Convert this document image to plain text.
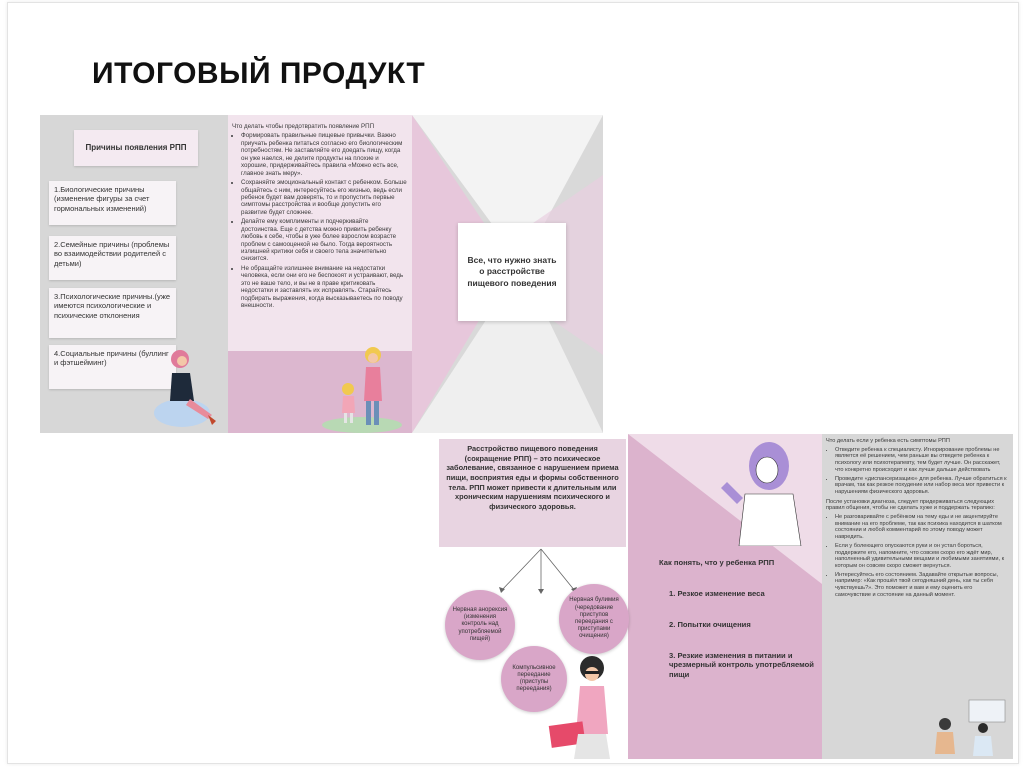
ИТОГОВЫЙ ПРОДУКТ
Причины появления РПП
1.Биологические причины (изменение фигуры за счет гормональных изменений)
2.Семейные причины (проблемы во взаимодействии родителей с детьми)
3.Психологические причины.(уже имеются психологические и психические отклонения
4.Социальные причины (буллинг и фэтшейминг)
Что делать чтобы предотвратить появление РПП
• Формировать правильные пищевые привычки. Важно приучать ребенка питаться согласно его биологическим потребностям. Не заставляйте его доедать пищу, когда он уже наелся, не делите продукты на плохие и хорошие, придерживайтесь правила «Можно есть все, главное знать меру».
• Сохраняйте эмоциональный контакт с ребенком. Больше общайтесь с ним, интересуйтесь его жизнью, ведь если ребенок будет вам доверять, то и пропустить первые симптомы расстройства и вообще допустить его развитие будет сложнее.
• Делайте ему комплименты и подчеркивайте достоинства. Еще с детства можно привить ребенку любовь к себе, чтобы в уже более взрослом возрасте проблем с самооценкой не было. Тогда вероятность излишней критики себя и своего тела значительно снизится.
• Не обращайте излишнее внимание на недостатки человека, если они его не беспокоят и устраивают, ведь это не ваше тело, и вы не в праве критиковать недостатки и заставлять их исправлять. Старайтесь подбирать выражения, когда высказываетесь по поводу внешности.
Все, что нужно знать о расстройстве пищевого поведения
Расстройство пищевого поведения (сокращение РПП) – это психическое заболевание, связанное с нарушением приема пищи, восприятия еды и формы собственного тела. РПП может привести к длительным или хроническим нарушениям психического и физического здоровья.
Нервная анорексия (изменения контроль над употребляемой пищей)
Компульсивное переедание (приступы переедания)
Нервная булимия (чередование приступов переедания с приступами очищения)
Как понять, что у ребенка РПП
1. Резкое изменение веса
2. Попытки очищения
3. Резкие изменения в питании и чрезмерный контроль употребляемой пищи
Что делать если у ребенка есть симптомы РПП
• Отведите ребенка к специалисту. Игнорирование проблемы не является её решением, чем раньше вы отведете ребенка к психологу или психотерапевту, тем будет лучше. Он расскажет, что конкретно происходит и как лучше дальше действовать
• Проведите «диспансеризацию» для ребенка. Лучше обратиться к врачам, так как резкое похудение или набор веса мог привести к нарушениям физического здоровья.
После установки диагноза, следует придерживаться следующих правил общения, чтобы не сделать хуже и поддержать терапию:
• Не разговаривайте с ребёнком на тему еды и не акцентируйте внимание на его проблеме, так как психика находится в шатком состоянии и любой комментарий по этому поводу может навредить.
• Если у болеющего опускаются руки и он устал бороться, поддержите его, напомните, что совсем скоро его ждёт мир, наполненный удивительными вещами и любимыми занятиями, к которым он совсем скоро сможет вернуться.
• Интересуйтесь его состоянием. Задавайте открытые вопросы, например: «Как прошёл твой сегодняшний день, как ты себя чувствуешь?». Это поможет и вам и ему оценить его самочувствие и состояние на данный момент.
